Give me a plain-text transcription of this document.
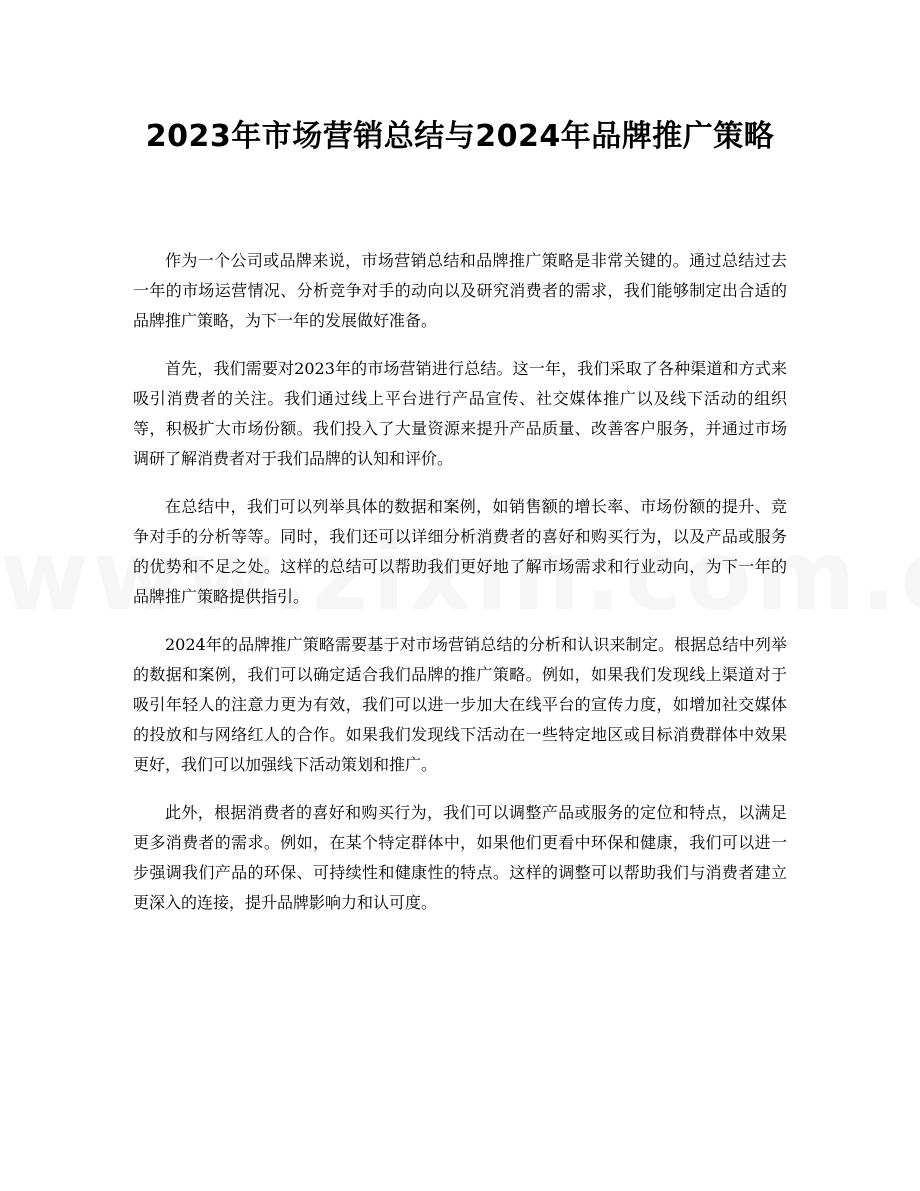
2023年市场营销总结与2024年品牌推广策略

作为一个公司或品牌来说，市场营销总结和品牌推广策略是非常关键的。通过总结过去一年的市场运营情况、分析竞争对手的动向以及研究消费者的需求，我们能够制定出合适的品牌推广策略，为下一年的发展做好准备。

首先，我们需要对2023年的市场营销进行总结。这一年，我们采取了各种渠道和方式来吸引消费者的关注。我们通过线上平台进行产品宣传、社交媒体推广以及线下活动的组织等，积极扩大市场份额。我们投入了大量资源来提升产品质量、改善客户服务，并通过市场调研了解消费者对于我们品牌的认知和评价。

在总结中，我们可以列举具体的数据和案例，如销售额的增长率、市场份额的提升、竞争对手的分析等等。同时，我们还可以详细分析消费者的喜好和购买行为，以及产品或服务的优势和不足之处。这样的总结可以帮助我们更好地了解市场需求和行业动向，为下一年的品牌推广策略提供指引。

2024年的品牌推广策略需要基于对市场营销总结的分析和认识来制定。根据总结中列举的数据和案例，我们可以确定适合我们品牌的推广策略。例如，如果我们发现线上渠道对于吸引年轻人的注意力更为有效，我们可以进一步加大在线平台的宣传力度，如增加社交媒体的投放和与网络红人的合作。如果我们发现线下活动在一些特定地区或目标消费群体中效果更好，我们可以加强线下活动策划和推广。

此外，根据消费者的喜好和购买行为，我们可以调整产品或服务的定位和特点，以满足更多消费者的需求。例如，在某个特定群体中，如果他们更看中环保和健康，我们可以进一步强调我们产品的环保、可持续性和健康性的特点。这样的调整可以帮助我们与消费者建立更深入的连接，提升品牌影响力和认可度。
